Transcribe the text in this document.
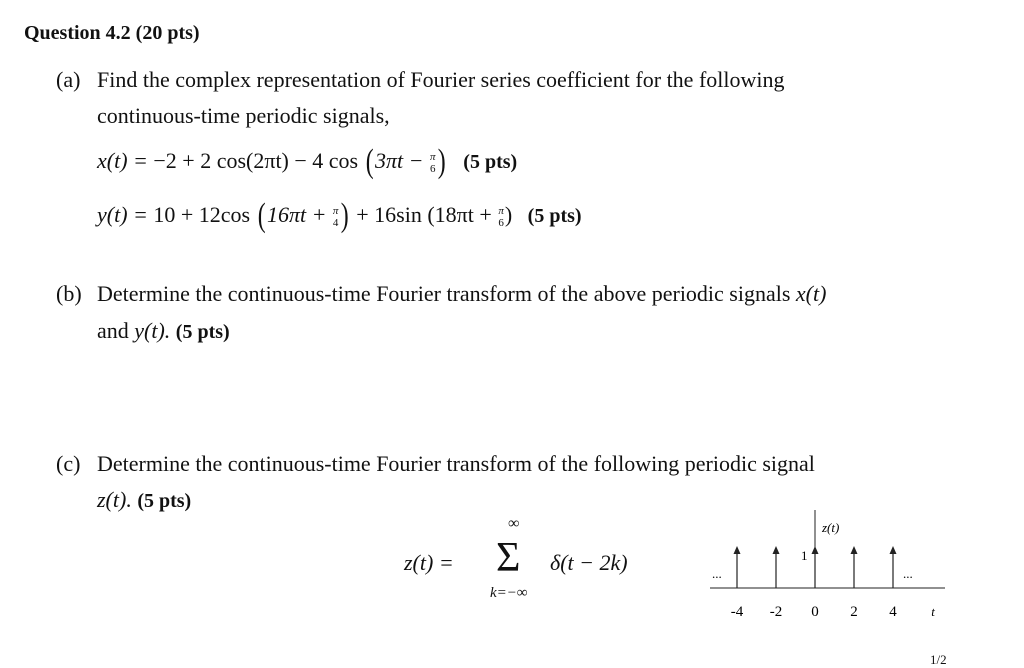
Question 4.2 (20 pts)
(a) Find the complex representation of Fourier series coefficient for the following
continuous-time periodic signals,
x(t) = −2 + 2 cos(2πt) − 4 cos (3πt − π
6 ) (5 pts)
y(t) = 10 + 12cos (16πt + π
4 ) + 16sin (18πt + π
6 ) (5 pts)
(b) Determine the continuous-time Fourier transform of the above periodic signals x(t)
and y(t). (5 pts)
(c) Determine the continuous-time Fourier transform of the following periodic signal
z(t). (5 pts)
z(t) =
∞
Σ
k=−∞
δ(t − 2k)	1
z(t)
...	...
-4 -2 0 2 4	t
1/2
